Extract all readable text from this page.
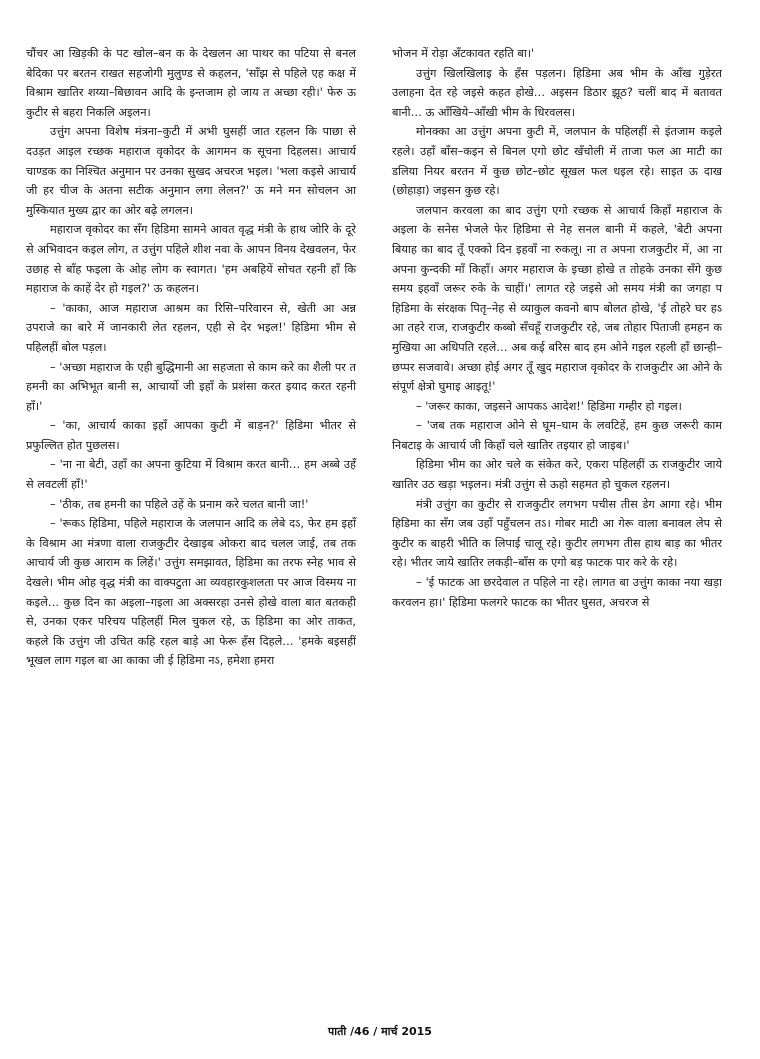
चौंचर आ खिड़की के पट खोल–बन क के देखलन आ पाथर का पटिया से बनल बेदिका पर बरतन राखत सहजोगी मुलुण्ड से कहलन, 'साँझ से पहिले एह कक्ष में विश्राम खातिर शय्या–बिछावन आदि के इन्तजाम हो जाय त अच्छा रही।' फेरु ऊ कुटीर से बहरा निकलि अइलन।

उत्तुंग अपना विशेष मंत्रना–कुटी में अभी घुसहीं जात रहलन कि पाछा से दउड़त आइल रच्छक महाराज वृकोदर के आगमन क सूचना दिहलस। आचार्य चाण्डक का निश्चित अनुमान पर उनका सुखद अचरज भइल। 'भला कइसे आचार्य जी हर चीज के अतना सटीक अनुमान लगा लेलन?' ऊ मने मन सोचलन आ मुस्कियात मुख्य द्वार का ओर बढ़े लगलन।

महाराज वृकोदर का सँग हिडिमा सामने आवत वृद्ध मंत्री के हाथ जोरि के दूरे से अभिवादन कइल लोग, त उत्तुंग पहिले शीश नवा के आपन विनय देखवलन, फेर उछाह से बाँह फइला के ओह लोग क स्वागत। 'हम अबहियें सोचत रहनी हाँ कि महाराज के काहें देर हो गइल?' ऊ कहलन।

– 'काका, आज महाराज आश्रम का रिसि–परिवारन से, खेती आ अन्न उपराजे का बारे में जानकारी लेत रहलन, एही से देर भइल!' हिडिमा भीम से पहिलहीं बोल पड़ल।

– 'अच्छा महाराज के एही बुद्धिमानी आ सहजता से काम करे का शैली पर त हमनी का अभिभूत बानी स, आचार्यो जी इहाँ के प्रशंसा करत इयाद करत रहनी हाँ।'

– 'का, आचार्य काका इहाँ आपका कुटी में बाड़न?' हिडिमा भीतर से प्रफुल्लित होत पुछलस।

– 'ना ना बेटी, उहाँ का अपना कुटिया में विश्राम करत बानी… हम अब्बे उहँ से लवटलीं हाँ!'

– 'ठीक, तब हमनी का पहिले उहें के प्रनाम करे चलत बानी जा!'

– 'रूकऽ हिडिमा, पहिले महाराज के जलपान आदि क लेबे दऽ, फेर हम इहाँ के विश्राम आ मंत्रणा वाला राजकुटीर देखाइब ओकरा बाद चलल जाई, तब तक आचार्य जी कुछ आराम क लिहें।' उत्तुंग समझावत, हिडिमा का तरफ स्नेह भाव से देखले। भीम ओह वृद्ध मंत्री का वाक्पटुता आ व्यवहारकुशलता पर आज विस्मय ना कइले… कुछ दिन का अइला–गइला आ अक्सरहा उनसे होखे वाला बात बतकही से, उनका एकर परिचय पहिलहीं मिल चुकल रहे, ऊ हिडिमा का ओर ताकत, कहले कि उत्तुंग जी उचित कहि रहल बाड़े आ फेरू हँस दिहले… 'हमके बइसहीं भूखल लाग गइल बा आ काका जी ई हिडिमा नऽ, हमेशा हमरा

भोजन में रोड़ा अँटकावत रहति बा।'

उत्तुंग खिलखिलाइ के हँस पड़लन। हिडिमा अब भीम के आँख गुड़ेरत उलाहना देत रहे जइसे कहत होखे… अइसन डिठार झूठ? चलीं बाद में बतावत बानी… ऊ आँखिये–आँखी भीम के धिरवलस।

मोनक्का आ उत्तुंग अपना कुटी में, जलपान के पहिलहीं से इंतजाम कइले रहले। उहाँ बाँस–कइन से बिनल एगो छोट खँचोली में ताजा फल आ माटी का डलिया नियर बरतन में कुछ छोट–छोट सूखल फल धइल रहे। साइत ऊ दाख (छोहाड़ा) जइसन कुछ रहे।

जलपान करवला का बाद उत्तुंग एगो रच्छक से आचार्य किहाँ महाराज के अइला के सनेस भेजले फेर हिडिमा से नेह सनल बानी में कहले, 'बेटी अपना बियाह का बाद तूँ एक्को दिन इहवाँ ना रुकलू। ना त अपना राजकुटीर में, आ ना अपना कुन्दकी माँ किहाँ। अगर महाराज के इच्छा होखे त तोहके उनका सँगे कुछ समय इहवाँ जरूर रुके के चाहीं।' लागत रहे जइसे ओ समय मंत्री का जगहा प हिडिमा के संरक्षक पितृ–नेह से व्याकुल कवनो बाप बोलत होखे, 'ई तोहरे घर हऽ आ तहरे राज, राजकुटीर कब्बो सँचहूँ राजकुटीर रहे, जब तोहार पिताजी हमहन क मुखिया आ अधिपति रहले… अब कई बरिस बाद हम ओने गइल रहली हाँ छान्ही–छप्पर सजवावे। अच्छा होई अगर तूँ खुद महाराज वृकोदर के राजकुटीर आ ओने के संपूर्ण क्षेत्रो घुमाइ आइतू!'

– 'जरूर काका, जइसने आपकऽ आदेश!' हिडिमा गम्हीर हो गइल।

– 'जब तक महाराज ओने से घूम–घाम के लवटिहें, हम कुछ जरूरी काम निबटाइ के आचार्य जी किहाँ चले खातिर तइयार हो जाइब।'

हिडिमा भीम का ओर चले क संकेत करे, एकरा पहिलहीं ऊ राजकुटीर जाये खातिर उठ खड़ा भइलन। मंत्री उत्तुंग से ऊहो सहमत हो चुकल रहलन।

मंत्री उत्तुंग का कुटीर से राजकुटीर लगभग पचीस तीस डेग आगा रहे। भीम हिडिमा का सँग जब उहाँ पहुँचलन तऽ। गोबर माटी आ गेरू वाला बनावल लेप से कुटीर क बाहरी भीति क लिपाई चालू रहे। कुटीर लगभग तीस हाथ बाड़ का भीतर रहे। भीतर जाये खातिर लकड़ी–बाँस क एगो बड़ फाटक पार करे के रहे।

– 'ई फाटक आ छरदेवाल त पहिले ना रहे। लागत बा उत्तुंग काका नया खड़ा करवलन हा।' हिडिमा फलगरे फाटक का भीतर घुसत, अचरज से

पाती /46 / मार्च 2015
